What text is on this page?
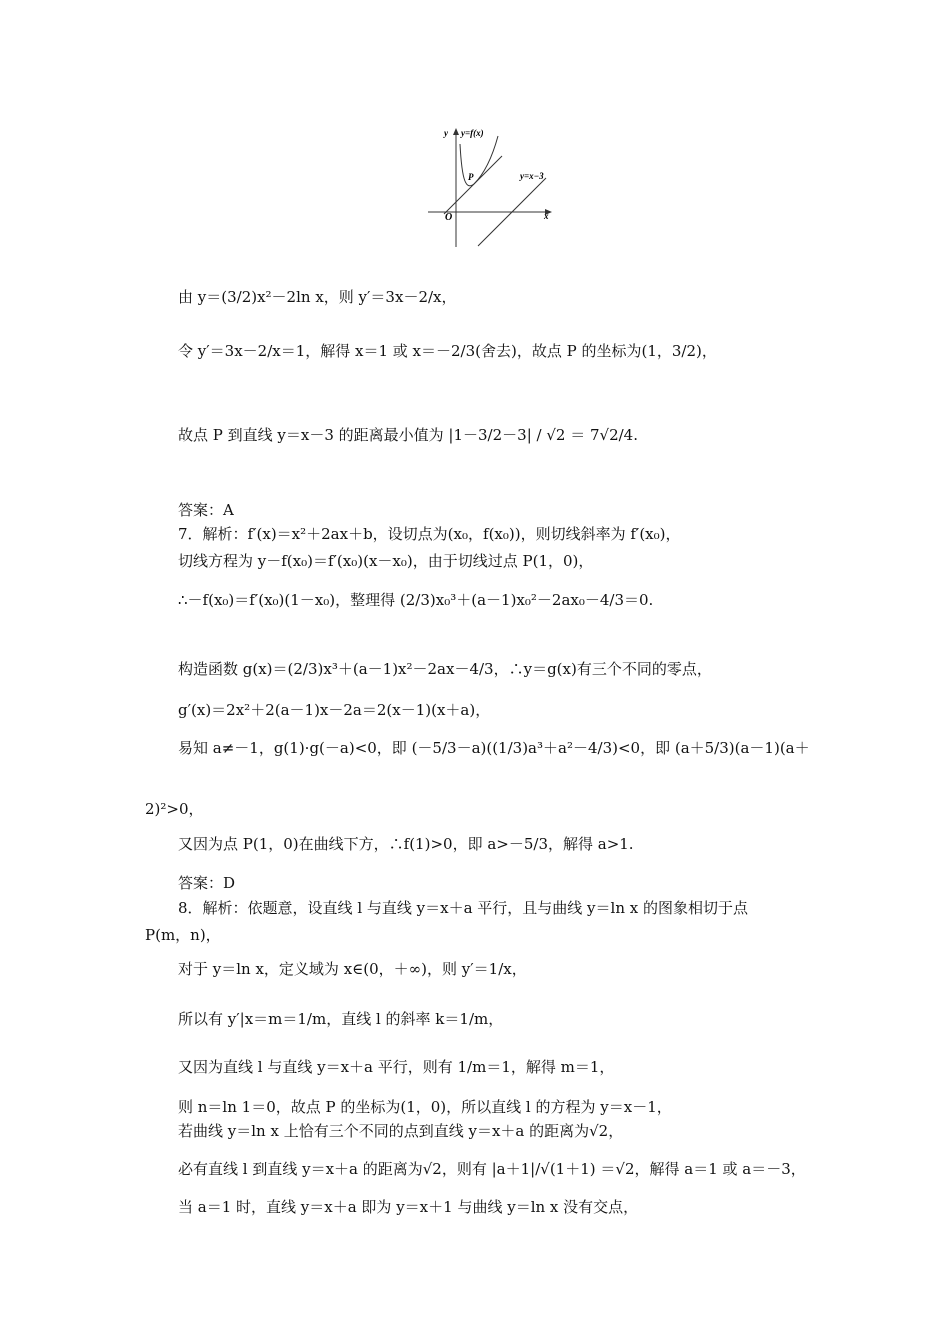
y y=f(x)
y=x−3
P
O	x
由 y＝(3/2)x²－2ln x，则 y′＝3x－2/x，
令 y′＝3x－2/x＝1，解得 x＝1 或 x＝－2/3(舍去)，故点 P 的坐标为(1，3/2)，
故点 P 到直线 y＝x－3 的距离最小值为 |1－3/2－3| / √2 ＝ 7√2/4.
答案：A
7．解析：f′(x)＝x²＋2ax＋b，设切点为(x₀，f(x₀))，则切线斜率为 f′(x₀)，
切线方程为 y－f(x₀)＝f′(x₀)(x－x₀)，由于切线过点 P(1，0)，
∴－f(x₀)＝f′(x₀)(1－x₀)，整理得 (2/3)x₀³＋(a－1)x₀²－2ax₀－4/3＝0.
构造函数 g(x)＝(2/3)x³＋(a－1)x²－2ax－4/3，∴y＝g(x)有三个不同的零点，
g′(x)＝2x²＋2(a－1)x－2a＝2(x－1)(x＋a)，
易知 a≠－1，g(1)·g(－a)<0，即 (－5/3－a)((1/3)a³＋a²－4/3)<0，即 (a＋5/3)(a－1)(a＋
2)²>0，
又因为点 P(1，0)在曲线下方，∴f(1)>0，即 a>－5/3，解得 a>1.
答案：D
8．解析：依题意，设直线 l 与直线 y＝x＋a 平行，且与曲线 y＝ln x 的图象相切于点
P(m，n)，
对于 y＝ln x，定义域为 x∈(0，＋∞)，则 y′＝1/x，
所以有 y′|x＝m＝1/m，直线 l 的斜率 k＝1/m，
又因为直线 l 与直线 y＝x＋a 平行，则有 1/m＝1，解得 m＝1，
则 n＝ln 1＝0，故点 P 的坐标为(1，0)，所以直线 l 的方程为 y＝x－1，
若曲线 y＝ln x 上恰有三个不同的点到直线 y＝x＋a 的距离为√2，
必有直线 l 到直线 y＝x＋a 的距离为√2，则有 |a＋1|/√(1＋1) ＝√2，解得 a＝1 或 a＝－3，
当 a＝1 时，直线 y＝x＋a 即为 y＝x＋1 与曲线 y＝ln x 没有交点，
